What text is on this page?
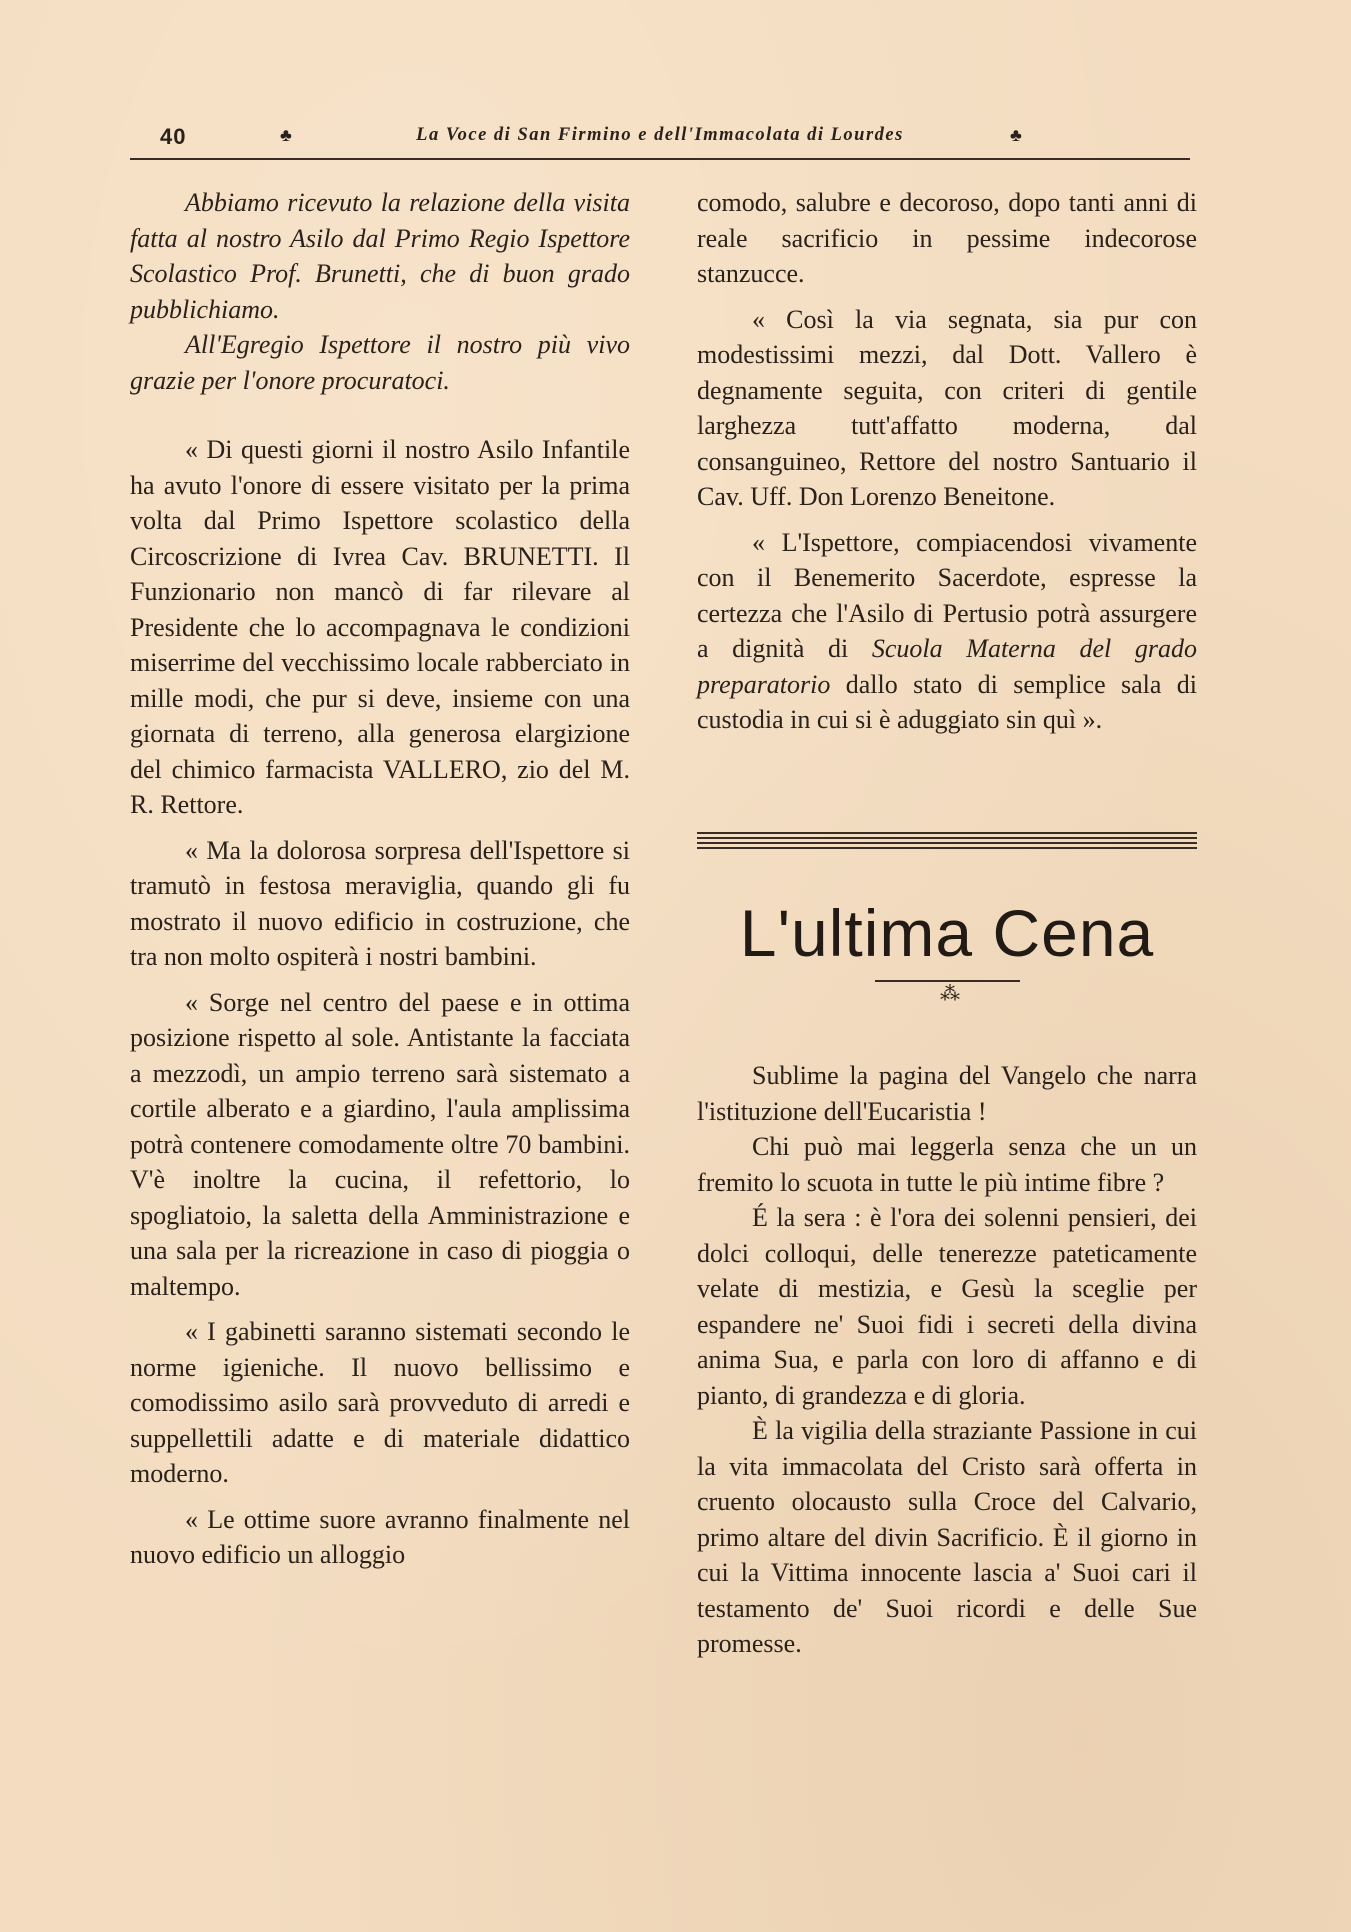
40	♣	La Voce di San Firmino e dell'Immacolata di Lourdes	♣

Abbiamo ricevuto la relazione della visita fatta al nostro Asilo dal Primo Regio Ispettore Scolastico Prof. Brunetti, che di buon grado pubblichiamo.

All'Egregio Ispettore il nostro più vivo grazie per l'onore procuratoci.

« Di questi giorni il nostro Asilo Infantile ha avuto l'onore di essere visitato per la prima volta dal Primo Ispettore scolastico della Circoscrizione di Ivrea Cav. BRUNETTI. Il Funzionario non mancò di far rilevare al Presidente che lo accompagnava le condizioni miserrime del vecchissimo locale rabberciato in mille modi, che pur si deve, insieme con una giornata di terreno, alla generosa elargizione del chimico farmacista VALLERO, zio del M. R. Rettore.

« Ma la dolorosa sorpresa dell'Ispettore si tramutò in festosa meraviglia, quando gli fu mostrato il nuovo edificio in costruzione, che tra non molto ospiterà i nostri bambini.

« Sorge nel centro del paese e in ottima posizione rispetto al sole. Antistante la facciata a mezzodì, un ampio terreno sarà sistemato a cortile alberato e a giardino, l'aula amplissima potrà contenere comodamente oltre 70 bambini. V'è inoltre la cucina, il refettorio, lo spogliatoio, la saletta della Amministrazione e una sala per la ricreazione in caso di pioggia o maltempo.

« I gabinetti saranno sistemati secondo le norme igieniche. Il nuovo bellissimo e comodissimo asilo sarà provveduto di arredi e suppellettili adatte e di materiale didattico moderno.

« Le ottime suore avranno finalmente nel nuovo edificio un alloggio

comodo, salubre e decoroso, dopo tanti anni di reale sacrificio in pessime indecorose stanzucce.

« Così la via segnata, sia pur con modestissimi mezzi, dal Dott. Vallero è degnamente seguita, con criteri di gentile larghezza tutt'affatto moderna, dal consanguineo, Rettore del nostro Santuario il Cav. Uff. Don Lorenzo Beneitone.

« L'Ispettore, compiacendosi vivamente con il Benemerito Sacerdote, espresse la certezza che l'Asilo di Pertusio potrà assurgere a dignità di Scuola Materna del grado preparatorio dallo stato di semplice sala di custodia in cui si è aduggiato sin quì ».

L'ultima Cena
⁂

Sublime la pagina del Vangelo che narra l'istituzione dell'Eucaristia !

Chi può mai leggerla senza che un un fremito lo scuota in tutte le più intime fibre ?

É la sera : è l'ora dei solenni pensieri, dei dolci colloqui, delle tenerezze pateticamente velate di mestizia, e Gesù la sceglie per espandere ne' Suoi fidi i secreti della divina anima Sua, e parla con loro di affanno e di pianto, di grandezza e di gloria.

È la vigilia della straziante Passione in cui la vita immacolata del Cristo sarà offerta in cruento olocausto sulla Croce del Calvario, primo altare del divin Sacrificio. È il giorno in cui la Vittima innocente lascia a' Suoi cari il testamento de' Suoi ricordi e delle Sue promesse.
